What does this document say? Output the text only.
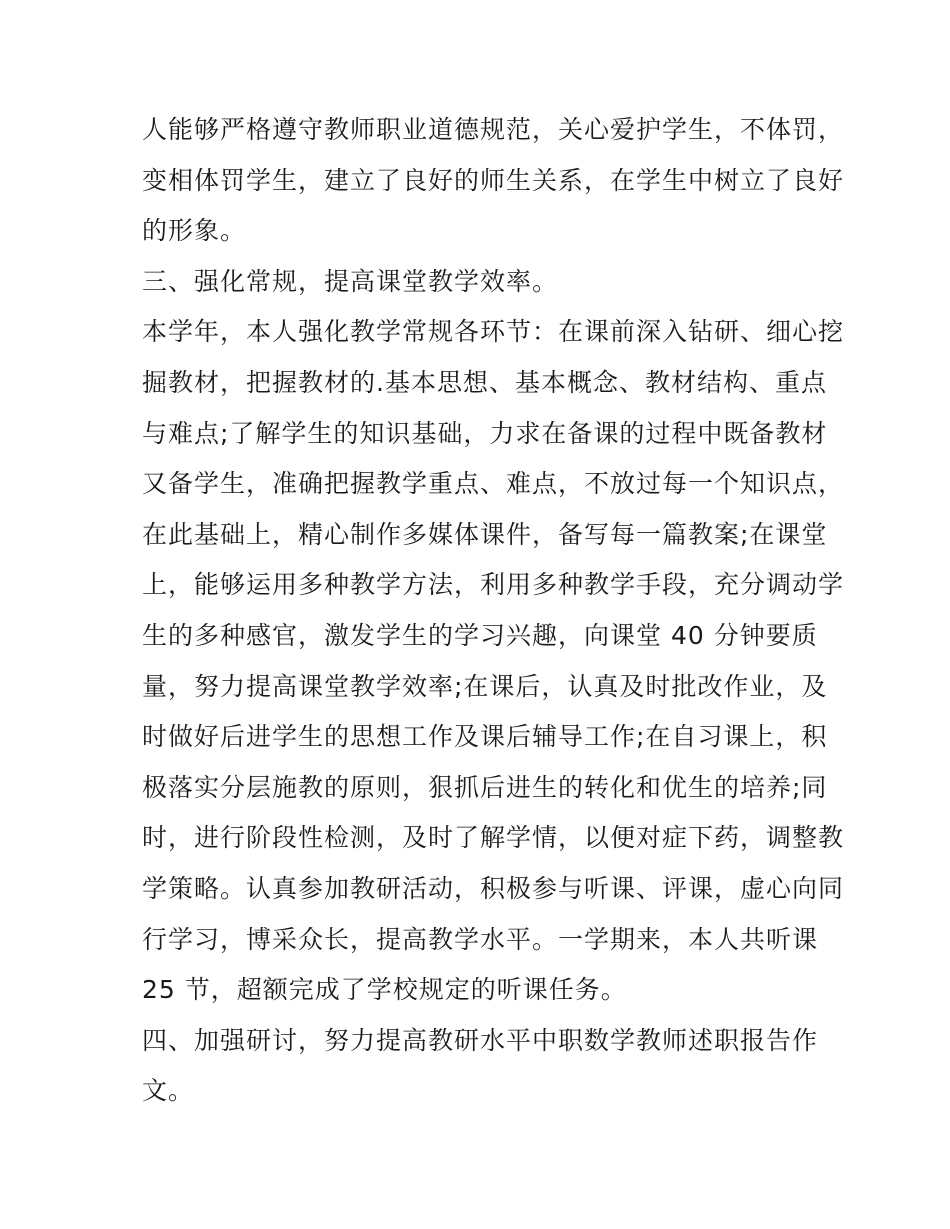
人能够严格遵守教师职业道德规范，关心爱护学生，不体罚，
变相体罚学生，建立了良好的师生关系，在学生中树立了良好
的形象。
三、强化常规，提高课堂教学效率。
本学年，本人强化教学常规各环节：在课前深入钻研、细心挖
掘教材，把握教材的.基本思想、基本概念、教材结构、重点
与难点;了解学生的知识基础，力求在备课的过程中既备教材
又备学生，准确把握教学重点、难点，不放过每一个知识点，
在此基础上，精心制作多媒体课件，备写每一篇教案;在课堂
上，能够运用多种教学方法，利用多种教学手段，充分调动学
生的多种感官，激发学生的学习兴趣，向课堂 40 分钟要质
量，努力提高课堂教学效率;在课后，认真及时批改作业，及
时做好后进学生的思想工作及课后辅导工作;在自习课上，积
极落实分层施教的原则，狠抓后进生的转化和优生的培养;同
时，进行阶段性检测，及时了解学情，以便对症下药，调整教
学策略。认真参加教研活动，积极参与听课、评课，虚心向同
行学习，博采众长，提高教学水平。一学期来，本人共听课
25 节，超额完成了学校规定的听课任务。
四、加强研讨，努力提高教研水平中职数学教师述职报告作
文。
